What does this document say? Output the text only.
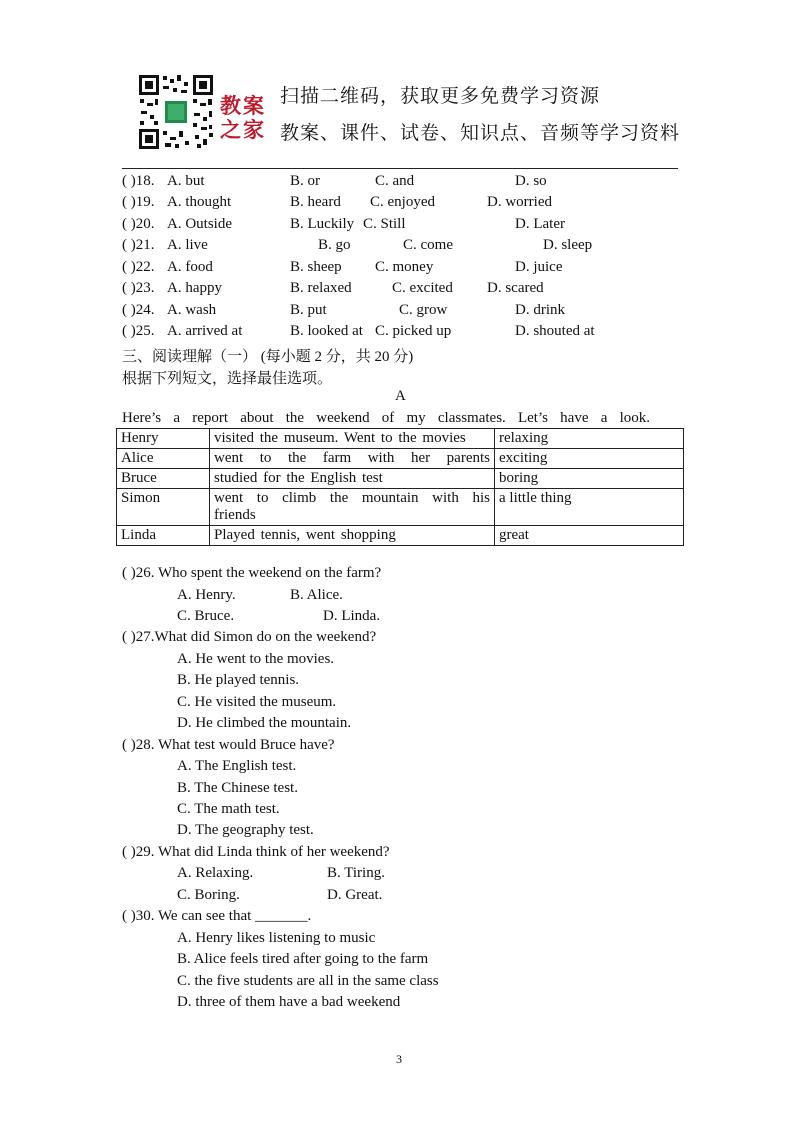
教案
之家
扫描二维码，获取更多免费学习资源
教案、课件、试卷、知识点、音频等学习资料
( )18. A. but	B. or	C. and	D. so
( )19. A. thought	B. heard C. enjoyed	D. worried
( )20. A. Outside	B. Luckily C. Still	D. Later
( )21. A. live	B. go	C. come	D. sleep
( )22. A. food	B. sheep C. money	D. juice
( )23. A. happy	B. relaxed	C. excited D. scared
( )24. A. wash	B. put	C. grow	D. drink
( )25. A. arrived at	B. looked at C. picked up	D. shouted at
三、阅读理解（一） (每小题 2 分，共 20 分)
根据下列短文，选择最佳选项。
A
Here’s a report about the weekend of my classmates. Let’s have a look.
Henry	visited the museum. Went to the movies	relaxing
Alice	went to the farm with her parents	exciting
Bruce	studied for the English test	boring
Simon	went to climb the mountain with his friends	a little thing
Linda	Played tennis, went shopping	great
( )26. Who spent the weekend on the farm?
A. Henry.	B. Alice.
C. Bruce.	D. Linda.
( )27.What did Simon do on the weekend?
A. He went to the movies.
B. He played tennis.
C. He visited the museum.
D. He climbed the mountain.
( )28. What test would Bruce have?
A. The English test.
B. The Chinese test.
C. The math test.
D. The geography test.
( )29. What did Linda think of her weekend?
A. Relaxing.	B. Tiring.
C. Boring.	D. Great.
( )30. We can see that _______.
A. Henry likes listening to music
B. Alice feels tired after going to the farm
C. the five students are all in the same class
D. three of them have a bad weekend
3
